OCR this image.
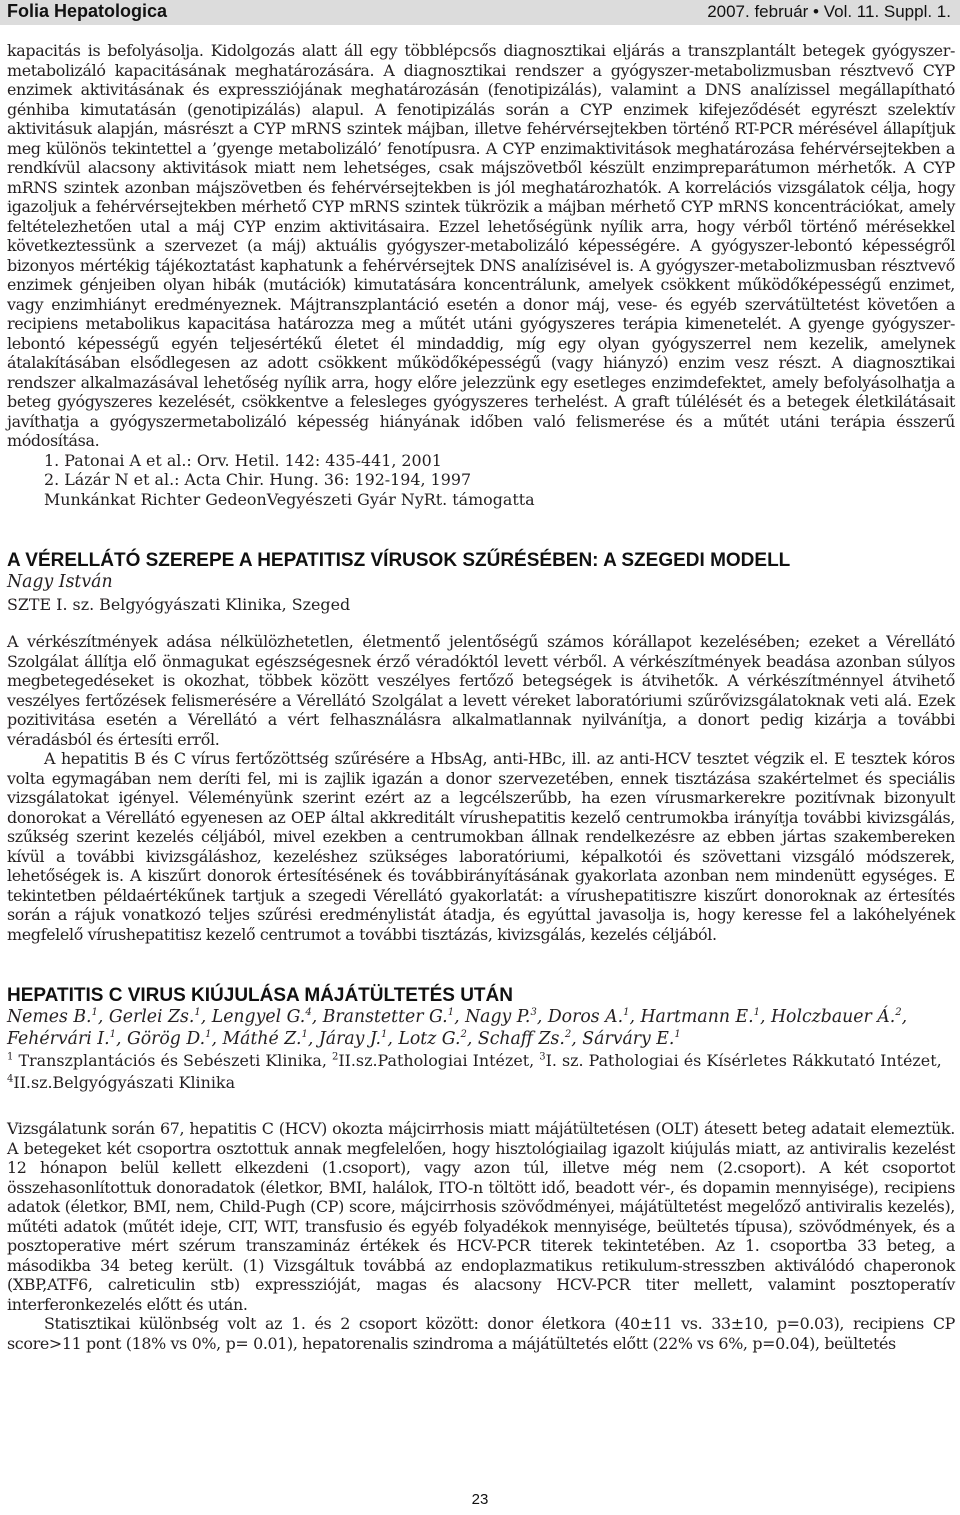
Folia Hepatologica	2007. február • Vol. 11. Suppl. 1.

kapacitás is befolyásolja. Kidolgozás alatt áll egy többlépcsős diagnosztikai eljárás a transzplantált betegek gyógyszer-metabolizáló kapacitásának meghatározására. A diagnosztikai rendszer a gyógyszer-metabolizmusban résztvevő CYP enzimek aktivitásának és expressziójának meghatározásán (fenotipizálás), valamint a DNS analízissel megállapítható génhiba kimutatásán (genotipizálás) alapul. A fenotipizálás során a CYP enzimek kifejeződését egyrészt szelektív aktivitásuk alapján, másrészt a CYP mRNS szintek májban, illetve fehérvérsejtekben történő RT-PCR mérésével állapítjuk meg különös tekintettel a ’gyenge metabolizáló’ fenotípusra. A CYP enzimaktivitások meghatározása fehérvérsejtekben a rendkívül alacsony aktivitások miatt nem lehetséges, csak májszövetből készült enzimpreparátumon mérhetők. A CYP mRNS szintek azonban májszövetben és fehérvérsejtekben is jól meghatározhatók. A korrelációs vizsgálatok célja, hogy igazoljuk a fehérvérsejtekben mérhető CYP mRNS szintek tükrözik a májban mérhető CYP mRNS koncentrációkat, amely feltételezhetően utal a máj CYP enzim aktivitásaira. Ezzel lehetőségünk nyílik arra, hogy vérből történő mérésekkel következtessünk a szervezet (a máj) aktuális gyógyszer-metabolizáló képességére. A gyógyszer-lebontó képességről bizonyos mértékig tájékoztatást kaphatunk a fehérvérsejtek DNS analízisével is. A gyógyszer-metabolizmusban résztvevő enzimek génjeiben olyan hibák (mutációk) kimutatására koncentrálunk, amelyek csökkent működőképességű enzimet, vagy enzimhiányt eredményeznek. Májtranszplantáció esetén a donor máj, vese- és egyéb szervátültetést követően a recipiens metabolikus kapacitása határozza meg a műtét utáni gyógyszeres terápia kimenetelét. A gyenge gyógyszer-lebontó képességű egyén teljesértékű életet él mindaddig, míg egy olyan gyógyszerrel nem kezelik, amelynek átalakításában elsődlegesen az adott csökkent működőképességű (vagy hiányzó) enzim vesz részt. A diagnosztikai rendszer alkalmazásával lehetőség nyílik arra, hogy előre jelezzünk egy esetleges enzimdefektet, amely befolyásolhatja a beteg gyógyszeres kezelését, csökkentve a felesleges gyógyszeres terhelést. A graft túlélését és a betegek életkilátásait javíthatja a gyógyszermetabolizáló képesség hiányának időben való felismerése és a műtét utáni terápia ésszerű módosítása.

1. Patonai A et al.: Orv. Hetil. 142: 435-441, 2001

2. Lázár N et al.: Acta Chir. Hung. 36: 192-194, 1997

Munkánkat Richter GedeonVegyészeti Gyár NyRt. támogatta

A VÉRELLÁTÓ SZEREPE A HEPATITISZ VÍRUSOK SZŰRÉSÉBEN: A SZEGEDI MODELL

Nagy István

SZTE I. sz. Belgyógyászati Klinika, Szeged

A vérkészítmények adása nélkülözhetetlen, életmentő jelentőségű számos kórállapot kezelésében; ezeket a Vérellátó Szolgálat állítja elő önmagukat egészségesnek érző véradóktól levett vérből. A vérkészítmények beadása azonban súlyos megbetegedéseket is okozhat, többek között veszélyes fertőző betegségek is átvihetők. A vérkészítménnyel átvihető veszélyes fertőzések felismerésére a Vérellátó Szolgálat a levett véreket laboratóriumi szűrővizsgálatoknak veti alá. Ezek pozitivitása esetén a Vérellátó a vért felhasználásra alkalmatlannak nyilvánítja, a donort pedig kizárja a további véradásból és értesíti erről.

A hepatitis B és C vírus fertőzöttség szűrésére a HbsAg, anti-HBc, ill. az anti-HCV tesztet végzik el. E tesztek kóros volta egymagában nem deríti fel, mi is zajlik igazán a donor szervezetében, ennek tisztázása szakértelmet és speciális vizsgálatokat igényel. Véleményünk szerint ezért az a legcélszerűbb, ha ezen vírusmarkerekre pozitívnak bizonyult donorokat a Vérellátó egyenesen az OEP által akkreditált vírushepatitis kezelő centrumokba irányítja további kivizsgálás, szűkség szerint kezelés céljából, mivel ezekben a centrumokban állnak rendelkezésre az ebben jártas szakembereken kívül a további kivizsgáláshoz, kezeléshez szükséges laboratóriumi, képalkotói és szövettani vizsgáló módszerek, lehetőségek is. A kiszűrt donorok értesítésének és továbbirányításának gyakorlata azonban nem mindenütt egységes. E tekintetben példaértékűnek tartjuk a szegedi Vérellátó gyakorlatát: a vírushepatitiszre kiszűrt donoroknak az értesítés során a rájuk vonatkozó teljes szűrési eredménylistát átadja, és egyúttal javasolja is, hogy keresse fel a lakóhelyének megfelelő vírushepatitisz kezelő centrumot a további tisztázás, kivizsgálás, kezelés céljából.

HEPATITIS C VIRUS KIÚJULÁSA MÁJÁTÜLTETÉS UTÁN

Nemes B.$^1$, Gerlei Zs.$^1$, Lengyel G.$^4$, Branstetter G.$^1$, Nagy P.$^3$, Doros A.$^1$, Hartmann E.$^1$, Holczbauer Á.$^2$,
Fehérvári I.$^1$, Görög D.$^1$, Máthé Z.$^1$, Járay J.$^1$, Lotz G.$^2$, Schaff Zs.$^2$, Sárváry E.$^1$

$^1$ Transzplantációs és Sebészeti Klinika, $^2$II.sz.Pathologiai Intézet, $^3$I. sz. Pathologiai és Kísérletes Rákkutató Intézet, $^4$II.sz.Belgyógyászati Klinika

Vizsgálatunk során 67, hepatitis C (HCV) okozta májcirrhosis miatt májátültetésen (OLT) átesett beteg adatait elemeztük. A betegeket két csoportra osztottuk annak megfelelően, hogy hisztológiailag igazolt kiújulás miatt, az antiviralis kezelést 12 hónapon belül kellett elkezdeni (1.csoport), vagy azon túl, illetve még nem (2.csoport). A két csoportot összehasonlítottuk donoradatok (életkor, BMI, halálok, ITO-n töltött idő, beadott vér-, és dopamin mennyisége), recipiens adatok (életkor, BMI, nem, Child-Pugh (CP) score, májcirrhosis szövődményei, májátültetést megelőző antiviralis kezelés), műtéti adatok (műtét ideje, CIT, WIT, transfusio és egyéb folyadékok mennyisége, beültetés típusa), szövődmények, és a posztoperative mért szérum transzamináz értékek és HCV-PCR titerek tekintetében. Az 1. csoportba 33 beteg, a másodikba 34 beteg került. (1) Vizsgáltuk továbbá az endoplazmatikus retikulum-stresszben aktiválódó chaperonok (XBP,ATF6, calreticulin stb) expresszióját, magas és alacsony HCV-PCR titer mellett, valamint posztoperatív interferonkezelés előtt és után.

Statisztikai különbség volt az 1. és 2 csoport között: donor életkora (40±11 vs. 33±10, p=0.03), recipiens CP score>11 pont (18% vs 0%, p= 0.01), hepatorenalis szindroma a májátültetés előtt (22% vs 6%, p=0.04), beültetés

23
